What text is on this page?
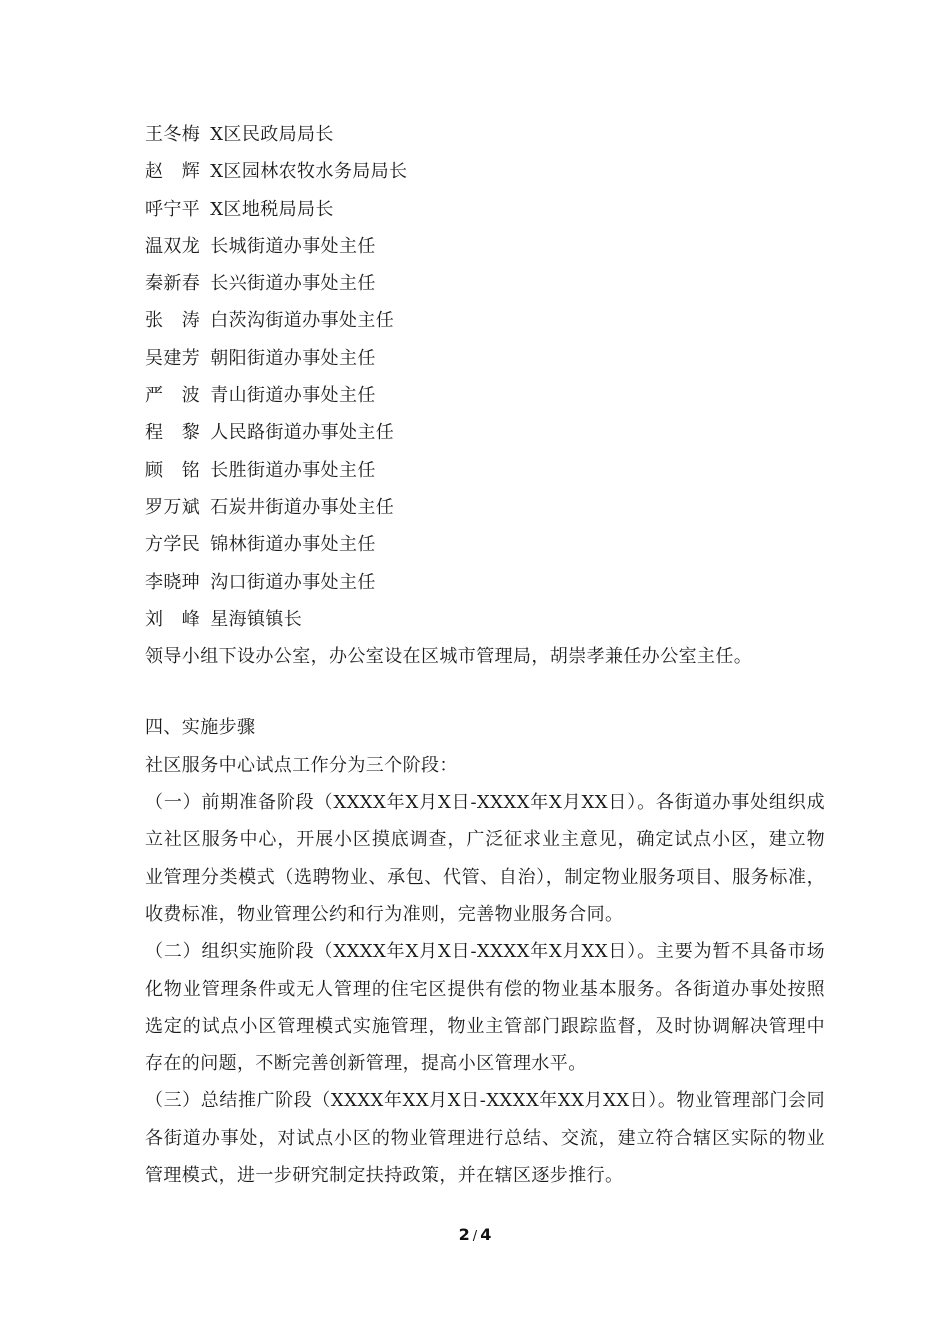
王冬梅 X区民政局局长
赵　辉 X区园林农牧水务局局长
呼宁平 X区地税局局长
温双龙 长城街道办事处主任
秦新春 长兴街道办事处主任
张　涛 白茨沟街道办事处主任
吴建芳 朝阳街道办事处主任
严　波 青山街道办事处主任
程　黎 人民路街道办事处主任
顾　铭 长胜街道办事处主任
罗万斌 石炭井街道办事处主任
方学民 锦林街道办事处主任
李晓珅 沟口街道办事处主任
刘　峰 星海镇镇长
领导小组下设办公室，办公室设在区城市管理局，胡崇孝兼任办公室主任。
四、实施步骤
社区服务中心试点工作分为三个阶段：
（一）前期准备阶段（XXXX年X月X日-XXXX年X月XX日）。各街道办事处组织成立社区服务中心，开展小区摸底调查，广泛征求业主意见，确定试点小区，建立物业管理分类模式（选聘物业、承包、代管、自治），制定物业服务项目、服务标准，收费标准，物业管理公约和行为准则，完善物业服务合同。
（二）组织实施阶段（XXXX年X月X日-XXXX年X月XX日）。主要为暂不具备市场化物业管理条件或无人管理的住宅区提供有偿的物业基本服务。各街道办事处按照选定的试点小区管理模式实施管理，物业主管部门跟踪监督，及时协调解决管理中存在的问题，不断完善创新管理，提高小区管理水平。
（三）总结推广阶段（XXXX年XX月X日-XXXX年XX月XX日）。物业管理部门会同各街道办事处，对试点小区的物业管理进行总结、交流，建立符合辖区实际的物业管理模式，进一步研究制定扶持政策，并在辖区逐步推行。
2 / 4
